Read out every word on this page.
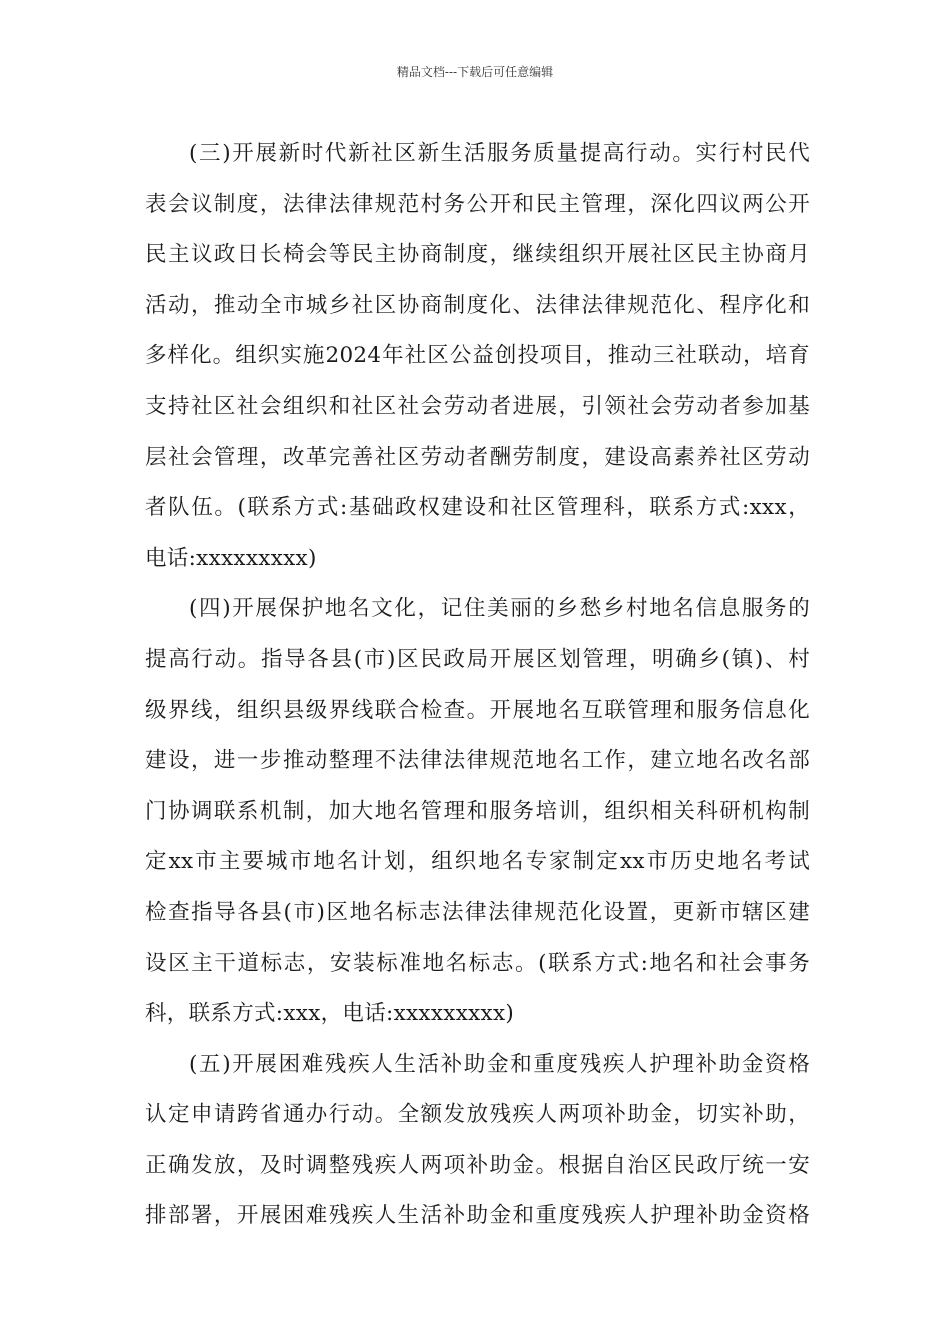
精品文档---下载后可任意编辑
(三)开展新时代新社区新生活服务质量提高行动。实行村民代
表会议制度，法律法律规范村务公开和民主管理，深化四议两公开
民主议政日长椅会等民主协商制度，继续组织开展社区民主协商月
活动，推动全市城乡社区协商制度化、法律法律规范化、程序化和
多样化。组织实施2024年社区公益创投项目，推动三社联动，培育
支持社区社会组织和社区社会劳动者进展，引领社会劳动者参加基
层社会管理，改革完善社区劳动者酬劳制度，建设高素养社区劳动
者队伍。(联系方式:基础政权建设和社区管理科，联系方式:xxx，
电话:xxxxxxxxx)
(四)开展保护地名文化，记住美丽的乡愁乡村地名信息服务的
提高行动。指导各县(市)区民政局开展区划管理，明确乡(镇)、村
级界线，组织县级界线联合检查。开展地名互联管理和服务信息化
建设，进一步推动整理不法律法律规范地名工作，建立地名改名部
门协调联系机制，加大地名管理和服务培训，组织相关科研机构制
定xx市主要城市地名计划，组织地名专家制定xx市历史地名考试
检查指导各县(市)区地名标志法律法律规范化设置，更新市辖区建
设区主干道标志，安装标准地名标志。(联系方式:地名和社会事务
科，联系方式:xxx，电话:xxxxxxxxx)
(五)开展困难残疾人生活补助金和重度残疾人护理补助金资格
认定申请跨省通办行动。全额发放残疾人两项补助金，切实补助，
正确发放，及时调整残疾人两项补助金。根据自治区民政厅统一安
排部署，开展困难残疾人生活补助金和重度残疾人护理补助金资格
